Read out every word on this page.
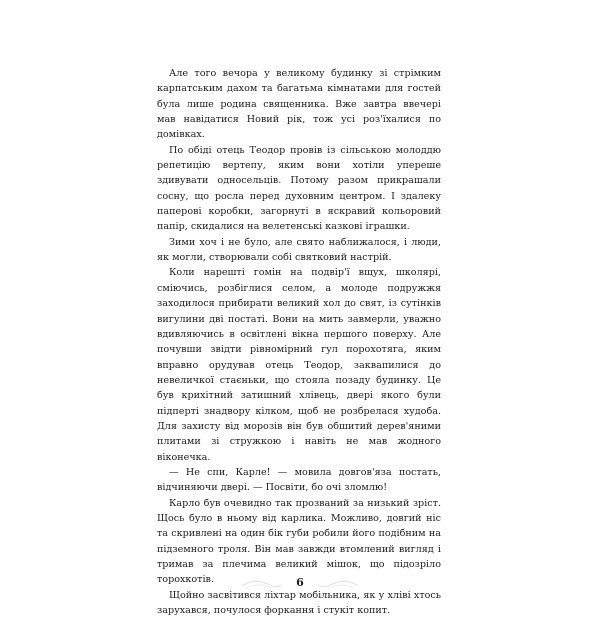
Але того вечора у великому будинку зі стрімким карпатським дахом та багатьма кімнатами для гостей була лише родина священника. Вже завтра ввечері мав навідатися Новий рік, тож усі роз'їхалися по домівках.

По обіді отець Теодор провів із сільською молоддю репетицію вертепу, яким вони хотіли упереше здивувати односельців. Потому разом прикрашали сосну, що росла перед духовним центром. І здалеку паперові коробки, загорнуті в яскравий кольоровий папір, скидалися на велетенські казкові іграшки.

Зими хоч і не було, але свято наближалося, і люди, як могли, створювали собі святковий настрій.

Коли нарешті гомін на подвір'ї вщух, школярі, сміючись, розбіглися селом, а молоде подружжя заходилося прибирати великий хол до свят, із сутінків вигулини дві постаті. Вони на мить завмерли, уважно вдивляючись в освітлені вікна першого поверху. Але почувши звідти рівномірний гул порохотяга, яким вправно орудував отець Теодор, заквапилися до невеличкої стаєньки, що стояла позаду будинку. Це був крихітний затишний хлівець, двері якого були підперті знадвору кілком, щоб не розбрелася худоба. Для захисту від морозів він був обшитий дерев'яними плитами зі стружкою і навіть не мав жодного віконечка.

— Не спи, Карле! — мовила довгов'яза постать, відчиняючи двері. — Посвіти, бо очі зломлю!

Карло був очевидно так прозваний за низький зріст. Щось було в ньому від карлика. Можливо, довгий ніс та скривлені на один бік губи робили його подібним на підземного троля. Він мав завжди втомлений вигляд і тримав за плечима великий мішок, що підозріло торохкотів.

Щойно засвітився ліхтар мобільника, як у хліві хтось зарухався, почулося форкання і стукіт копит.

6
